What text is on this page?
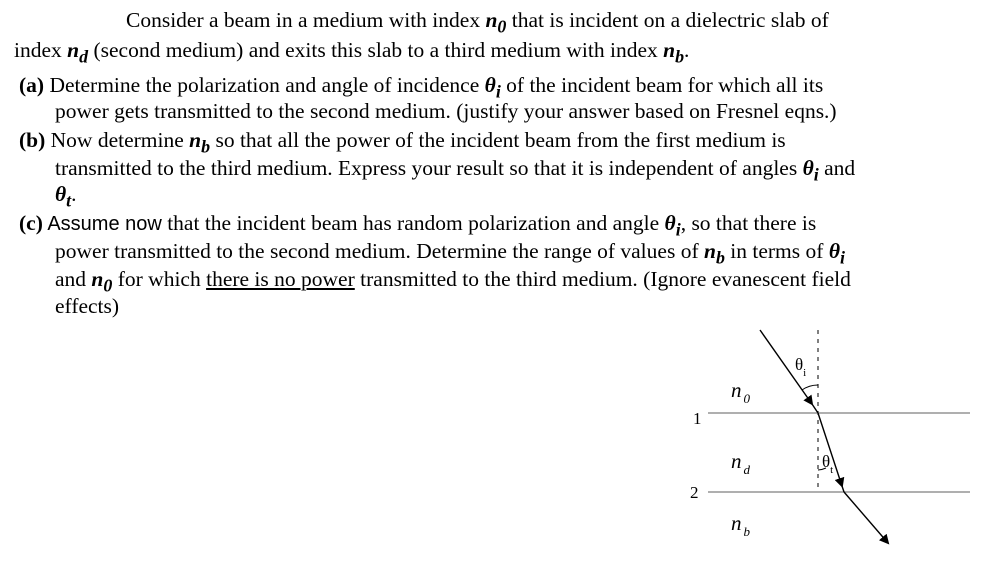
Consider a beam in a medium with index $n_0$ that is incident on a dielectric slab of
index $n_d$ (second medium) and exits this slab to a third medium with index $n_b$.
(a) Determine the polarization and angle of incidence $\theta_i$ of the incident beam for which all its
power gets transmitted to the second medium. (justify your answer based on Fresnel eqns.)
(b) Now determine $n_b$ so that all the power of the incident beam from the first medium is
transmitted to the third medium. Express your result so that it is independent of angles $\theta_i$ and
$\theta_t$.
(c) Assume now that the incident beam has random polarization and angle $\theta_i$, so that there is
power transmitted to the second medium. Determine the range of values of $n_b$ in terms of $\theta_i$
and $n_0$ for which there is no power transmitted to the third medium. (Ignore evanescent field
effects)
1
2
n $_0$
n $_d$
n $_b$
$\theta_i$
$\theta_t$
